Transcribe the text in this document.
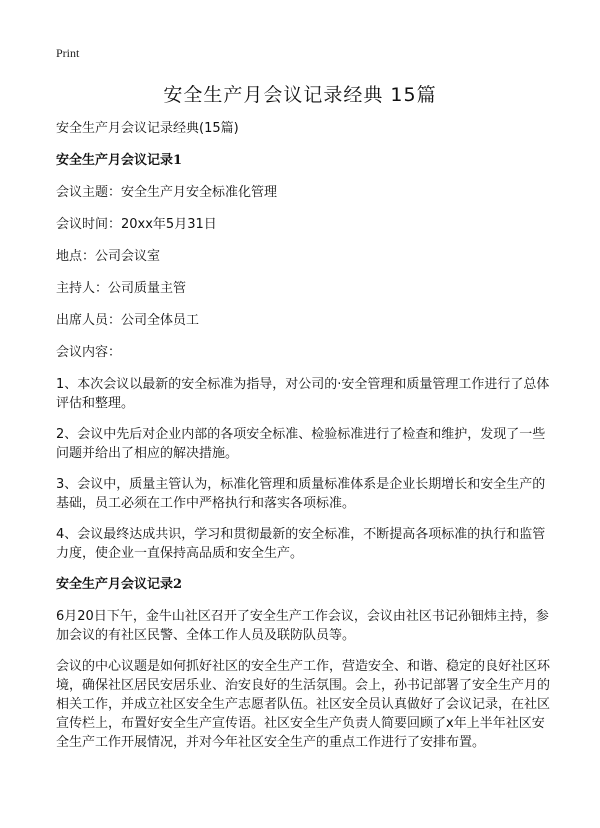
Print
安全生产月会议记录经典 15篇

安全生产月会议记录经典(15篇)

安全生产月会议记录1

会议主题：安全生产月安全标准化管理

会议时间：20xx年5月31日

地点：公司会议室

主持人：公司质量主管

出席人员：公司全体员工

会议内容：

1、本次会议以最新的安全标准为指导，对公司的·安全管理和质量管理工作进行了总体评估和整理。

2、会议中先后对企业内部的各项安全标准、检验标准进行了检查和维护，发现了一些问题并给出了相应的解决措施。

3、会议中，质量主管认为，标准化管理和质量标准体系是企业长期增长和安全生产的基础，员工必须在工作中严格执行和落实各项标准。

4、会议最终达成共识，学习和贯彻最新的安全标准，不断提高各项标准的执行和监管力度，使企业一直保持高品质和安全生产。

安全生产月会议记录2

6月20日下午，金牛山社区召开了安全生产工作会议，会议由社区书记孙钿炜主持，参加会议的有社区民警、全体工作人员及联防队员等。

会议的中心议题是如何抓好社区的安全生产工作，营造安全、和谐、稳定的良好社区环境，确保社区居民安居乐业、治安良好的生活氛围。会上，孙书记部署了安全生产月的相关工作，并成立社区安全生产志愿者队伍。社区安全员认真做好了会议记录，在社区宣传栏上，布置好安全生产宣传语。社区安全生产负责人简要回顾了x年上半年社区安全生产工作开展情况，并对今年社区安全生产的重点工作进行了安排布置。
